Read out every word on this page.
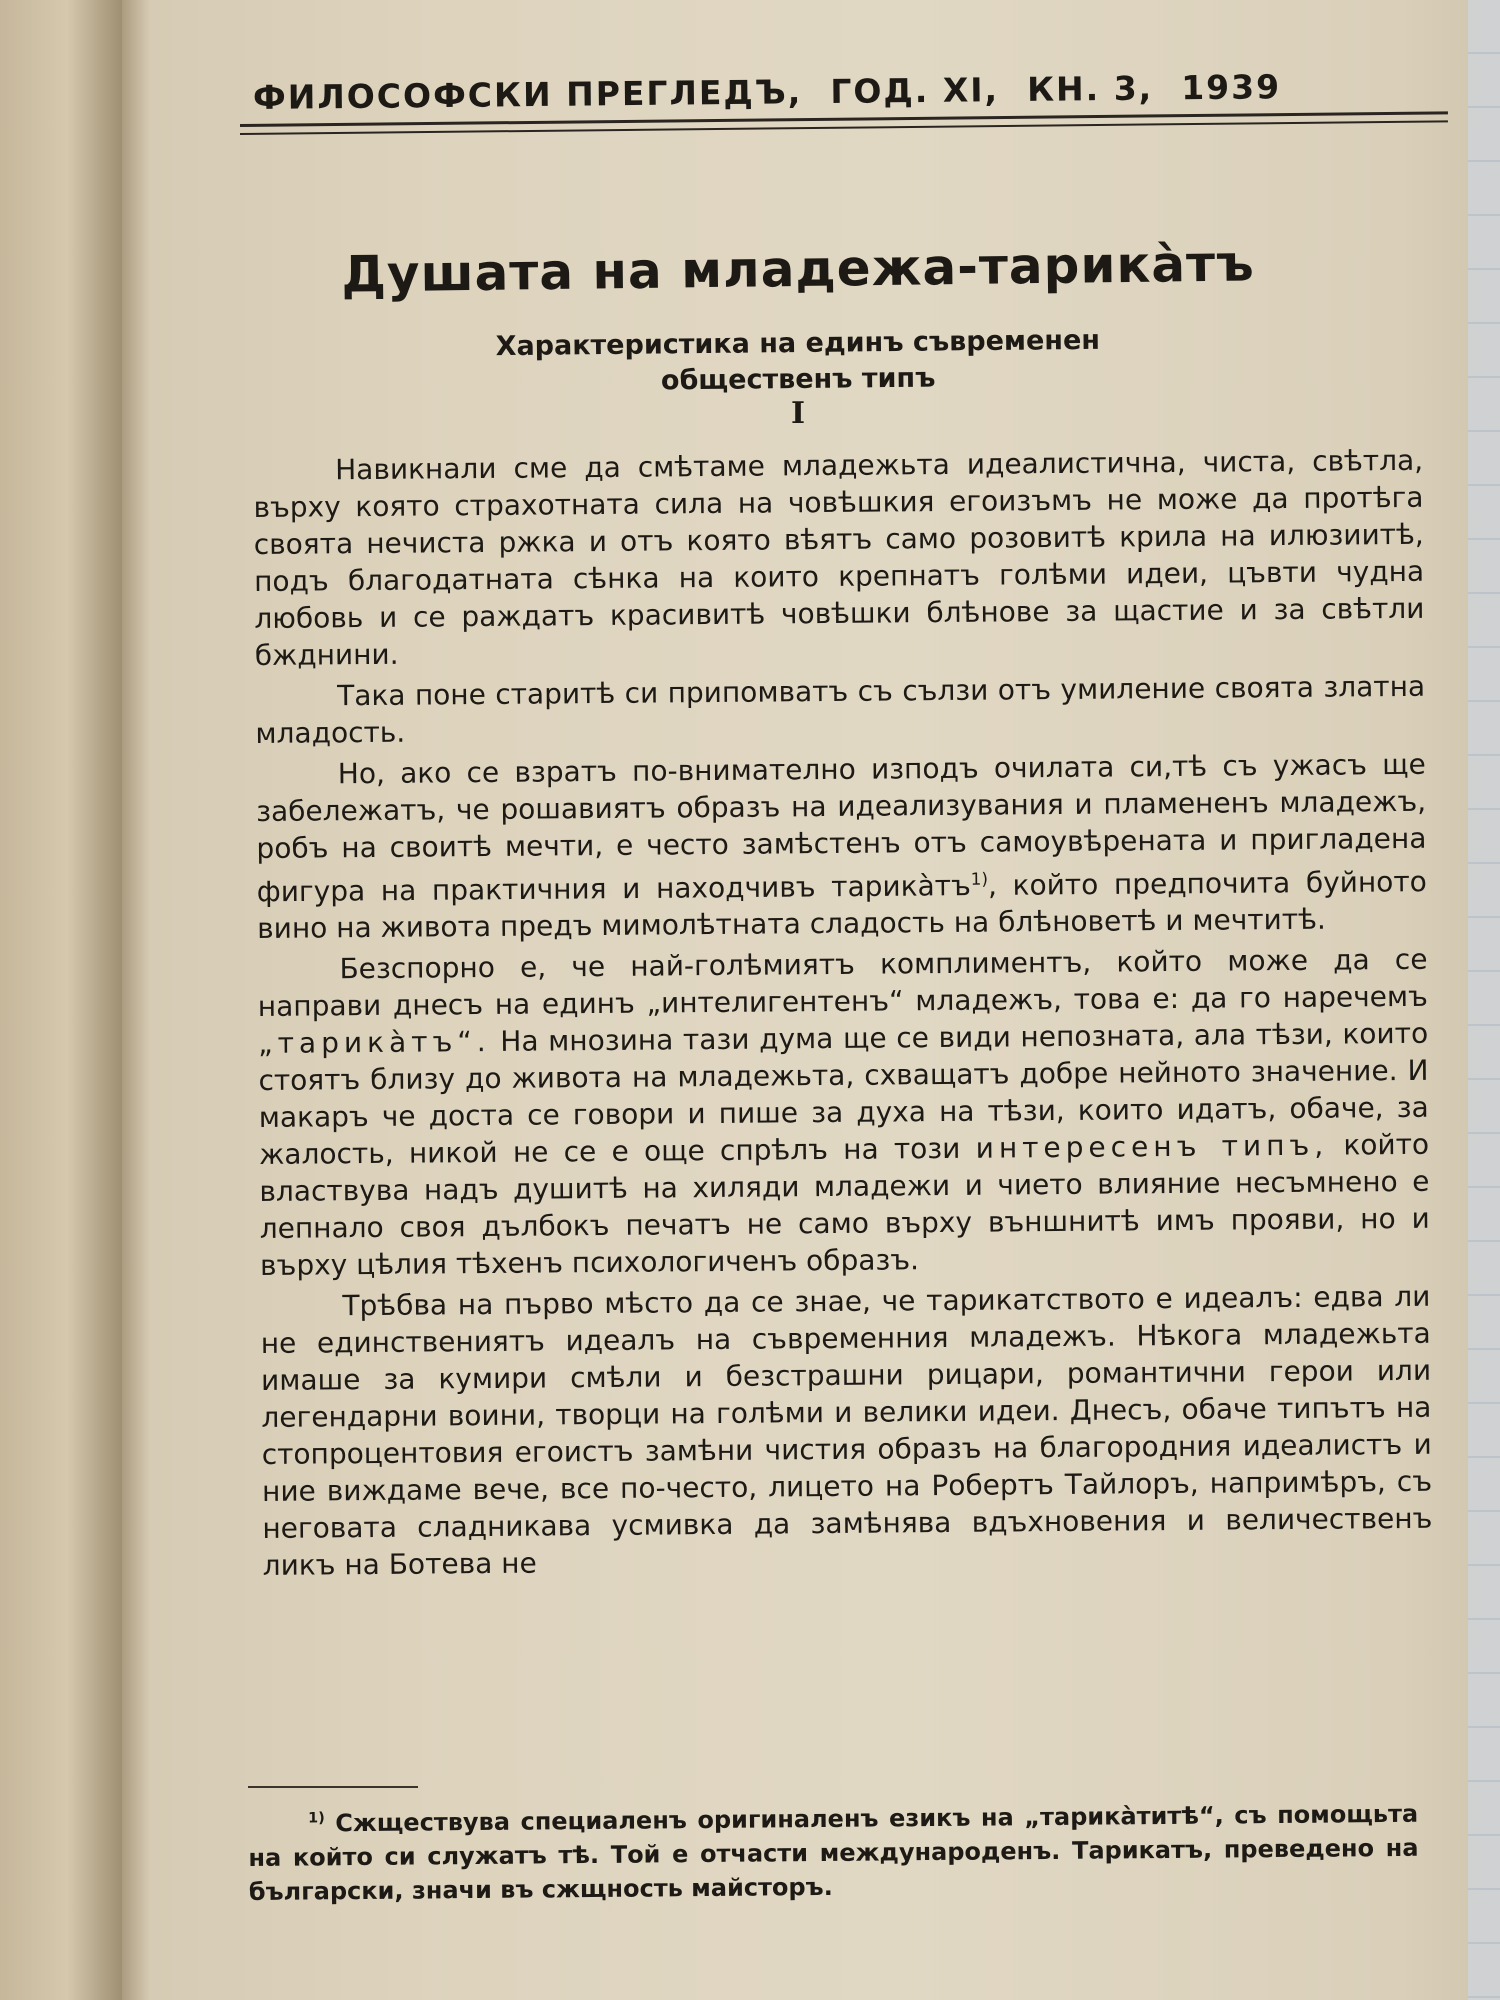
ФИЛОСОФСКИ ПРЕГЛЕДЪ, ГОД. XI, КН. 3, 1939
Душата на младежа-тарикàтъ
Характеристика на единъ съвременен
общественъ типъ
I

Навикнали сме да смѣтаме младежьта идеалистична, чиста, свѣтла, върху която страхотната сила на човѣшкия егоизъмъ не може да протѣга своята нечиста ржка и отъ която вѣятъ само розовитѣ крила на илюзиитѣ, подъ благодатната сѣнка на които крепнатъ голѣми идеи, цъвти чудна любовь и се раждатъ красивитѣ човѣшки блѣнове за щастие и за свѣтли бжднини.

Така поне старитѣ си припомватъ съ сълзи отъ умиление своята златна младость.

Но, ако се взратъ по-внимателно изподъ очилата си,тѣ съ ужасъ ще забележатъ, че рошавиятъ образъ на идеализувания и пламененъ младежъ, робъ на своитѣ мечти, е често замѣстенъ отъ самоувѣрената и пригладена фигура на практичния и находчивъ тарикàтъ$^{1)}$, който предпочита буйното вино на живота предъ мимолѣтната сладость на блѣноветѣ и мечтитѣ.

Безспорно е, че най-голѣмиятъ комплиментъ, който може да се направи днесъ на единъ „интелигентенъ“ младежъ, това е: да го наречемъ „тарикàтъ“. На мнозина тази дума ще се види непозната, ала тѣзи, които стоятъ близу до живота на младежьта, схващатъ добре нейното значение. И макаръ че доста се говори и пише за духа на тѣзи, които идатъ, обаче, за жалость, никой не се е още спрѣлъ на този интересенъ типъ, който властвува надъ душитѣ на хиляди младежи и чието влияние несъмнено е лепнало своя дълбокъ печатъ не само върху външнитѣ имъ прояви, но и върху цѣлия тѣхенъ психологиченъ образъ.

Трѣбва на първо мѣсто да се знае, че тарикатството е идеалъ: едва ли не единствениятъ идеалъ на съвременния младежъ. Нѣкога младежьта имаше за кумири смѣли и безстрашни рицари, романтични герои или легендарни воини, творци на голѣми и велики идеи. Днесъ, обаче типътъ на стопроцентовия егоистъ замѣни чистия образъ на благородния идеалистъ и ние виждаме вече, все по-често, лицето на Робертъ Тайлоръ, напримѣръ, съ неговата сладникава усмивка да замѣнява вдъхновения и величественъ ликъ на Ботева не

$^{1)}$ Сжществува специаленъ оригиналенъ езикъ на „тарикàтитѣ“, съ помощьта на който си служатъ тѣ. Той е отчасти международенъ. Тарикатъ, преведено на български, значи въ сжщность майсторъ.
